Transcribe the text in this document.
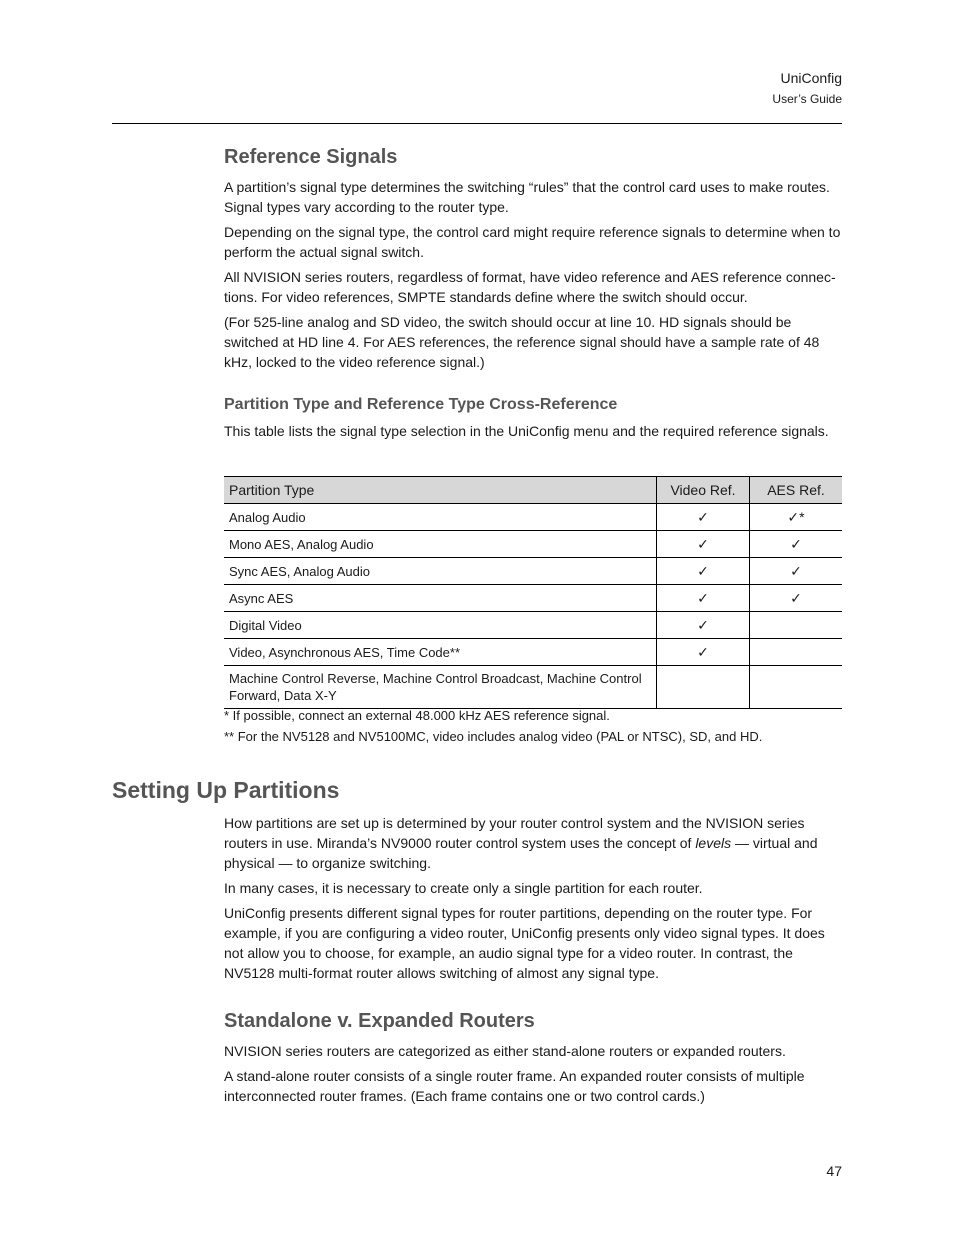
UniConfig
User’s Guide
Reference Signals

A partition’s signal type determines the switching “rules” that the control card uses to make routes. Signal types vary according to the router type.

Depending on the signal type, the control card might require reference signals to determine when to perform the actual signal switch.

All NVISION series routers, regardless of format, have video reference and AES reference connec-tions. For video references, SMPTE standards define where the switch should occur.

(For 525-line analog and SD video, the switch should occur at line 10. HD signals should be switched at HD line 4. For AES references, the reference signal should have a sample rate of 48 kHz, locked to the video reference signal.)

Partition Type and Reference Type Cross-Reference

This table lists the signal type selection in the UniConfig menu and the required reference signals.

Partition Type	Video Ref.	AES Ref.
Analog Audio	✓	✓*
Mono AES, Analog Audio	✓	✓
Sync AES, Analog Audio	✓	✓
Async AES	✓	✓
Digital Video	✓	
Video, Asynchronous AES, Time Code**	✓	
Machine Control Reverse, Machine Control Broadcast, Machine Control Forward, Data X-Y		

* If possible, connect an external 48.000 kHz AES reference signal.

** For the NV5128 and NV5100MC, video includes analog video (PAL or NTSC), SD, and HD.

Setting Up Partitions

How partitions are set up is determined by your router control system and the NVISION series routers in use. Miranda’s NV9000 router control system uses the concept of levels — virtual and physical — to organize switching.

In many cases, it is necessary to create only a single partition for each router.

UniConfig presents different signal types for router partitions, depending on the router type. For example, if you are configuring a video router, UniConfig presents only video signal types. It does not allow you to choose, for example, an audio signal type for a video router. In contrast, the NV5128 multi-format router allows switching of almost any signal type.

Standalone v. Expanded Routers

NVISION series routers are categorized as either stand-alone routers or expanded routers.

A stand-alone router consists of a single router frame. An expanded router consists of multiple interconnected router frames. (Each frame contains one or two control cards.)

47
